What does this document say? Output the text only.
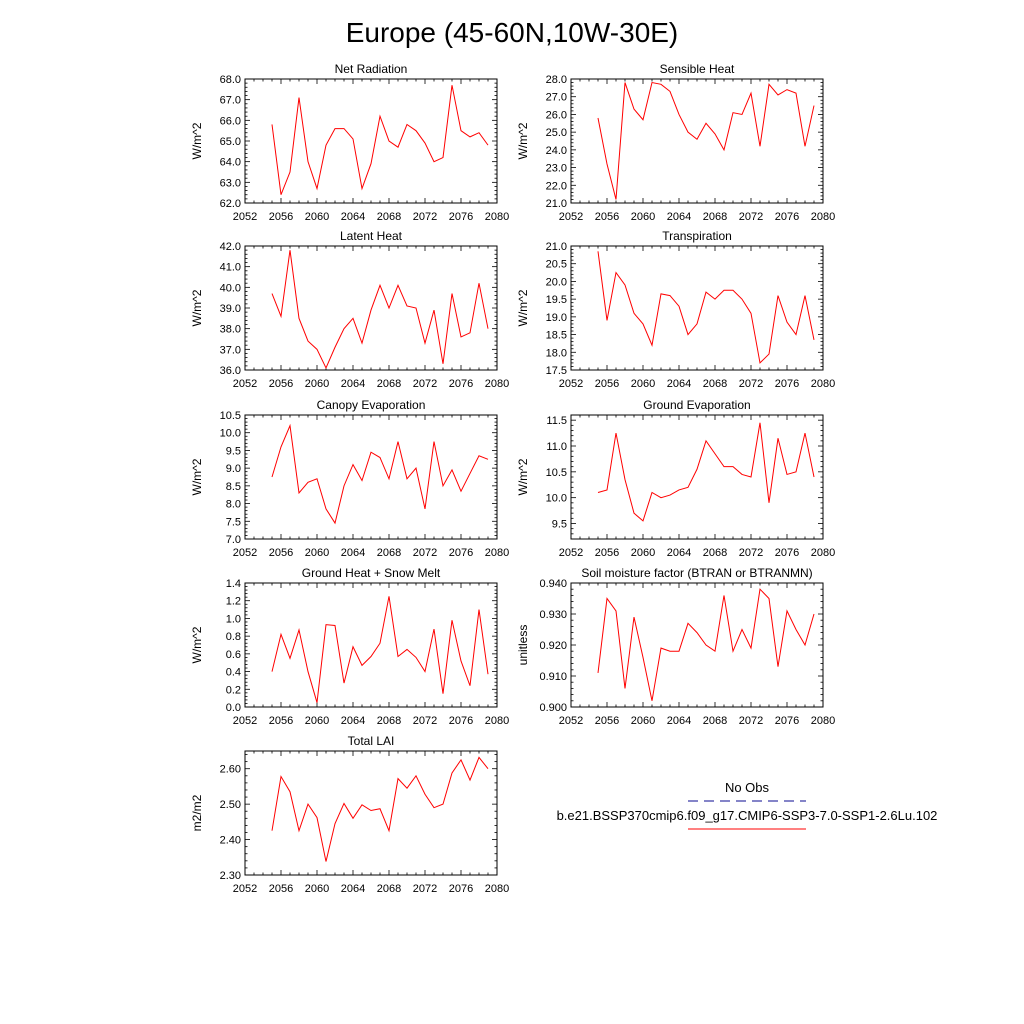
Europe (45-60N,10W-30E)
Net Radiation
W/m^2
2052 2056 2060 2064 2068 2072 2076 2080
62.0
63.0
64.0
65.0
66.0
67.0
68.0
Sensible Heat
W/m^2
2052 2056 2060 2064 2068 2072 2076 2080
21.0
22.0
23.0
24.0
25.0
26.0
27.0
28.0
Latent Heat
W/m^2
2052 2056 2060 2064 2068 2072 2076 2080
36.0
37.0
38.0
39.0
40.0
41.0
42.0
Transpiration
W/m^2
2052 2056 2060 2064 2068 2072 2076 2080
17.5
18.0
18.5
19.0
19.5
20.0
20.5
21.0
Canopy Evaporation
W/m^2
2052 2056 2060 2064 2068 2072 2076 2080
7.0
7.5
8.0
8.5
9.0
9.5
10.0
10.5
Ground Evaporation
W/m^2
2052 2056 2060 2064 2068 2072 2076 2080
9.5
10.0
10.5
11.0
11.5
Ground Heat + Snow Melt
W/m^2
2052 2056 2060 2064 2068 2072 2076 2080
0.0
0.2
0.4
0.6
0.8
1.0
1.2
1.4
Soil moisture factor (BTRAN or BTRANMN)
unitless
2052 2056 2060 2064 2068 2072 2076 2080
0.900
0.910
0.920
0.930
0.940
Total LAI
m2/m2
2052 2056 2060 2064 2068 2072 2076 2080
2.30
2.40
2.50
2.60
No Obs
b.e21.BSSP370cmip6.f09_g17.CMIP6-SSP3-7.0-SSP1-2.6Lu.102
